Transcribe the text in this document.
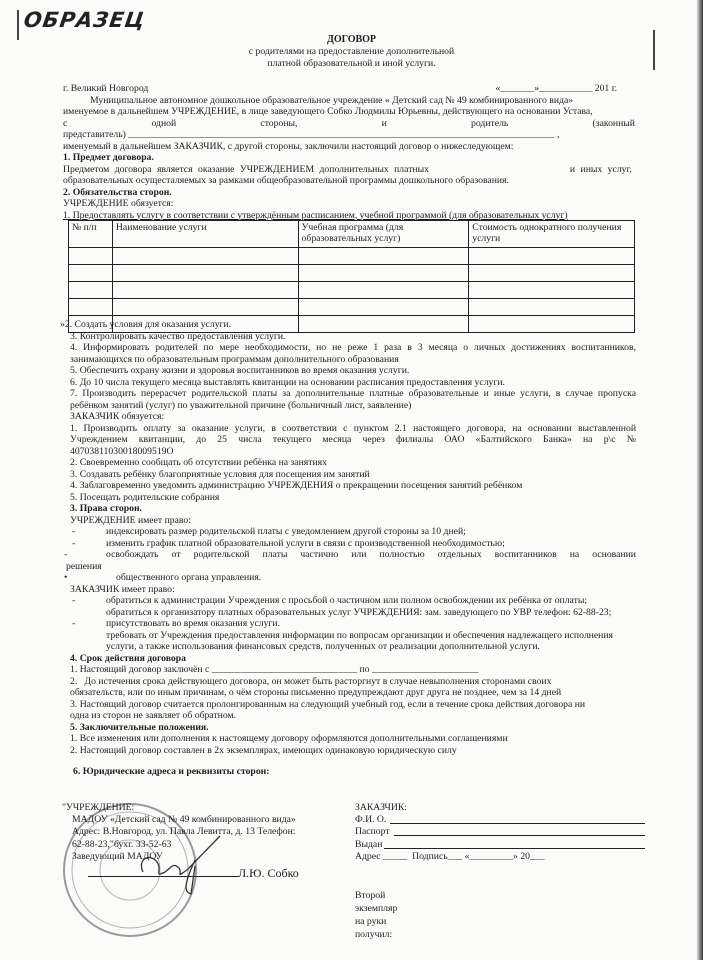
ОБРАЗЕЦ
ДОГОВОР
с родителями на предоставление дополнительной
платной образовательной и иной услуги.
г. Великий Новгород	«_______»___________ 201 г.
Муниципальное автономное дошкольное образовательное учреждение « Детский сад № 49 комбинированного вида»
именуемое в дальнейшем УЧРЕЖДЕНИЕ, в лице заведующего Собко Людмилы Юрьевны, действующего на основании Устава,
с одной стороны, и родитель (законный
представитель) ________________________________________________________________________________________ ,
именуемый в дальнейшем ЗАКАЗЧИК, с другой стороны, заключили настоящий договор о нижеследующем:
1. Предмет договора.
Предметом договора является оказание УЧРЕЖДЕНИЕМ дополнительных платных                          и иных услуг,
образовательных осущесталяемых за рамками общеобразовательной программы дошкольного образования.
2. Обязательства сторон.
УЧРЕЖДЕНИЕ обязуется:
1. Предоставлять услугу в соответствии с утверждённым расписанием, учебной программой (для образовательных услуг)
№ п/п	Наименование услуги	Учебная программа (для образовательных услуг)	Стоимость однократного получения услуги

»2. Создать условия для оказания услуги.
3. Контролировать качество предоставления услуги.
4. Информировать родителей по мере необходимости, но не реже 1 раза в 3 месяца о личных достижениях воспитанников,
занимающихся по образовательным программам дополнительного образования
5. Обеспечить охрану жизни и здоровья воспитанников во время оказания услуги.
6. До 10 числа текущего месяца выставлять квитанции на основании расписания предоставления услуги.
7. Производить перерасчет родительской платы за дополнительные платные образовательные и иные услуги, в случае пропуска
ребёнком занятий (услуг) по уважительной причине (больничный лист, заявление)
ЗАКАЗЧИК обязуется:
1. Производить оплату за оказание услуги, в соответствии с пунктом 2.1 настоящего договора, на основании выставленной
Учреждением квитанции, до 25 числа текущего месяца через филиалы ОАО «Балтийского Банка» на р\с №
40703811030018009519О
2. Своевременно сообщать об отсутствии ребёнка на занятиях
3. Создавать ребёнку благоприятные условия для посещения им занятий
4. Заблаговременно уведомить администрацию УЧРЕЖДЕНИЯ о прекращении посещения занятий ребёнком
5. Посещать родительские собрания
3. Права сторон.
УЧРЕЖДЕНИЕ имеет право:
-	индексировать размер родительской платы с уведомлением другой стороны за 10 дней;
-	изменить график платной образовательной услуги в связи с производственной необходимостью;
-	освобождать от родительской платы частично или полностью отдельных воспитанников на основании
решения
•	общественного органа управления.
ЗАКАЗЧИК имеет право:
-	обратиться к администрации Учреждения с просьбой о частичном или полном освобождении их ребёнка от оплаты;
обратиться к организатору платных образовательных услуг УЧРЕЖДЕНИЯ: зам. заведующего по УВР телефон: 62-88-23;
-	присутствовать во время оказания услуги.
требовать от Учреждения предоставления информации по вопросам организации и обеспечения надлежащего исполнения
услуги, а также использования финансовых средств, полученных от реализации дополнительной услуги.
4. Срок действия договора
1. Настоящий договор заключён с ______________________________ по ______________________
2.   До истечения срока действующего договора, он может быть расторгнут в случае невыполнения сторонами своих
обязательств, или по иным причинам, о чём стороны письменно предупреждают друг друга не позднее, чем за 14 дней
3. Настоящий договор считается пролонгированным на следующий учебный год, если в течение срока действия договора ни
одна из сторон не заявляет об обратном.
5. Заключительные положения.
1. Все изменения или дополнения к настоящему договору оформляются дополнительными соглашениями
2. Настоящий договор составлен в 2х экземплярах, имеющих одинаковую юридическую силу
6. Юридические адреса и реквизиты сторон:
"УЧРЕЖДЕНИЕ:
МАДОУ «Детский сад № 49 комбинированного вида»
Адрес: В.Новгород, ул. Павла Левитта, д. 13 Телефон:
62-88-23,"бухг. 33-52-63
Заведующий МАДОУ
Л.Ю. Собко
ЗАКАЗЧИК:
Ф.И. О.
Паспорт
Выдан
Адрес _____  Подпись___ «_________» 20___
Второй
экземпляр
на руки
получил:
